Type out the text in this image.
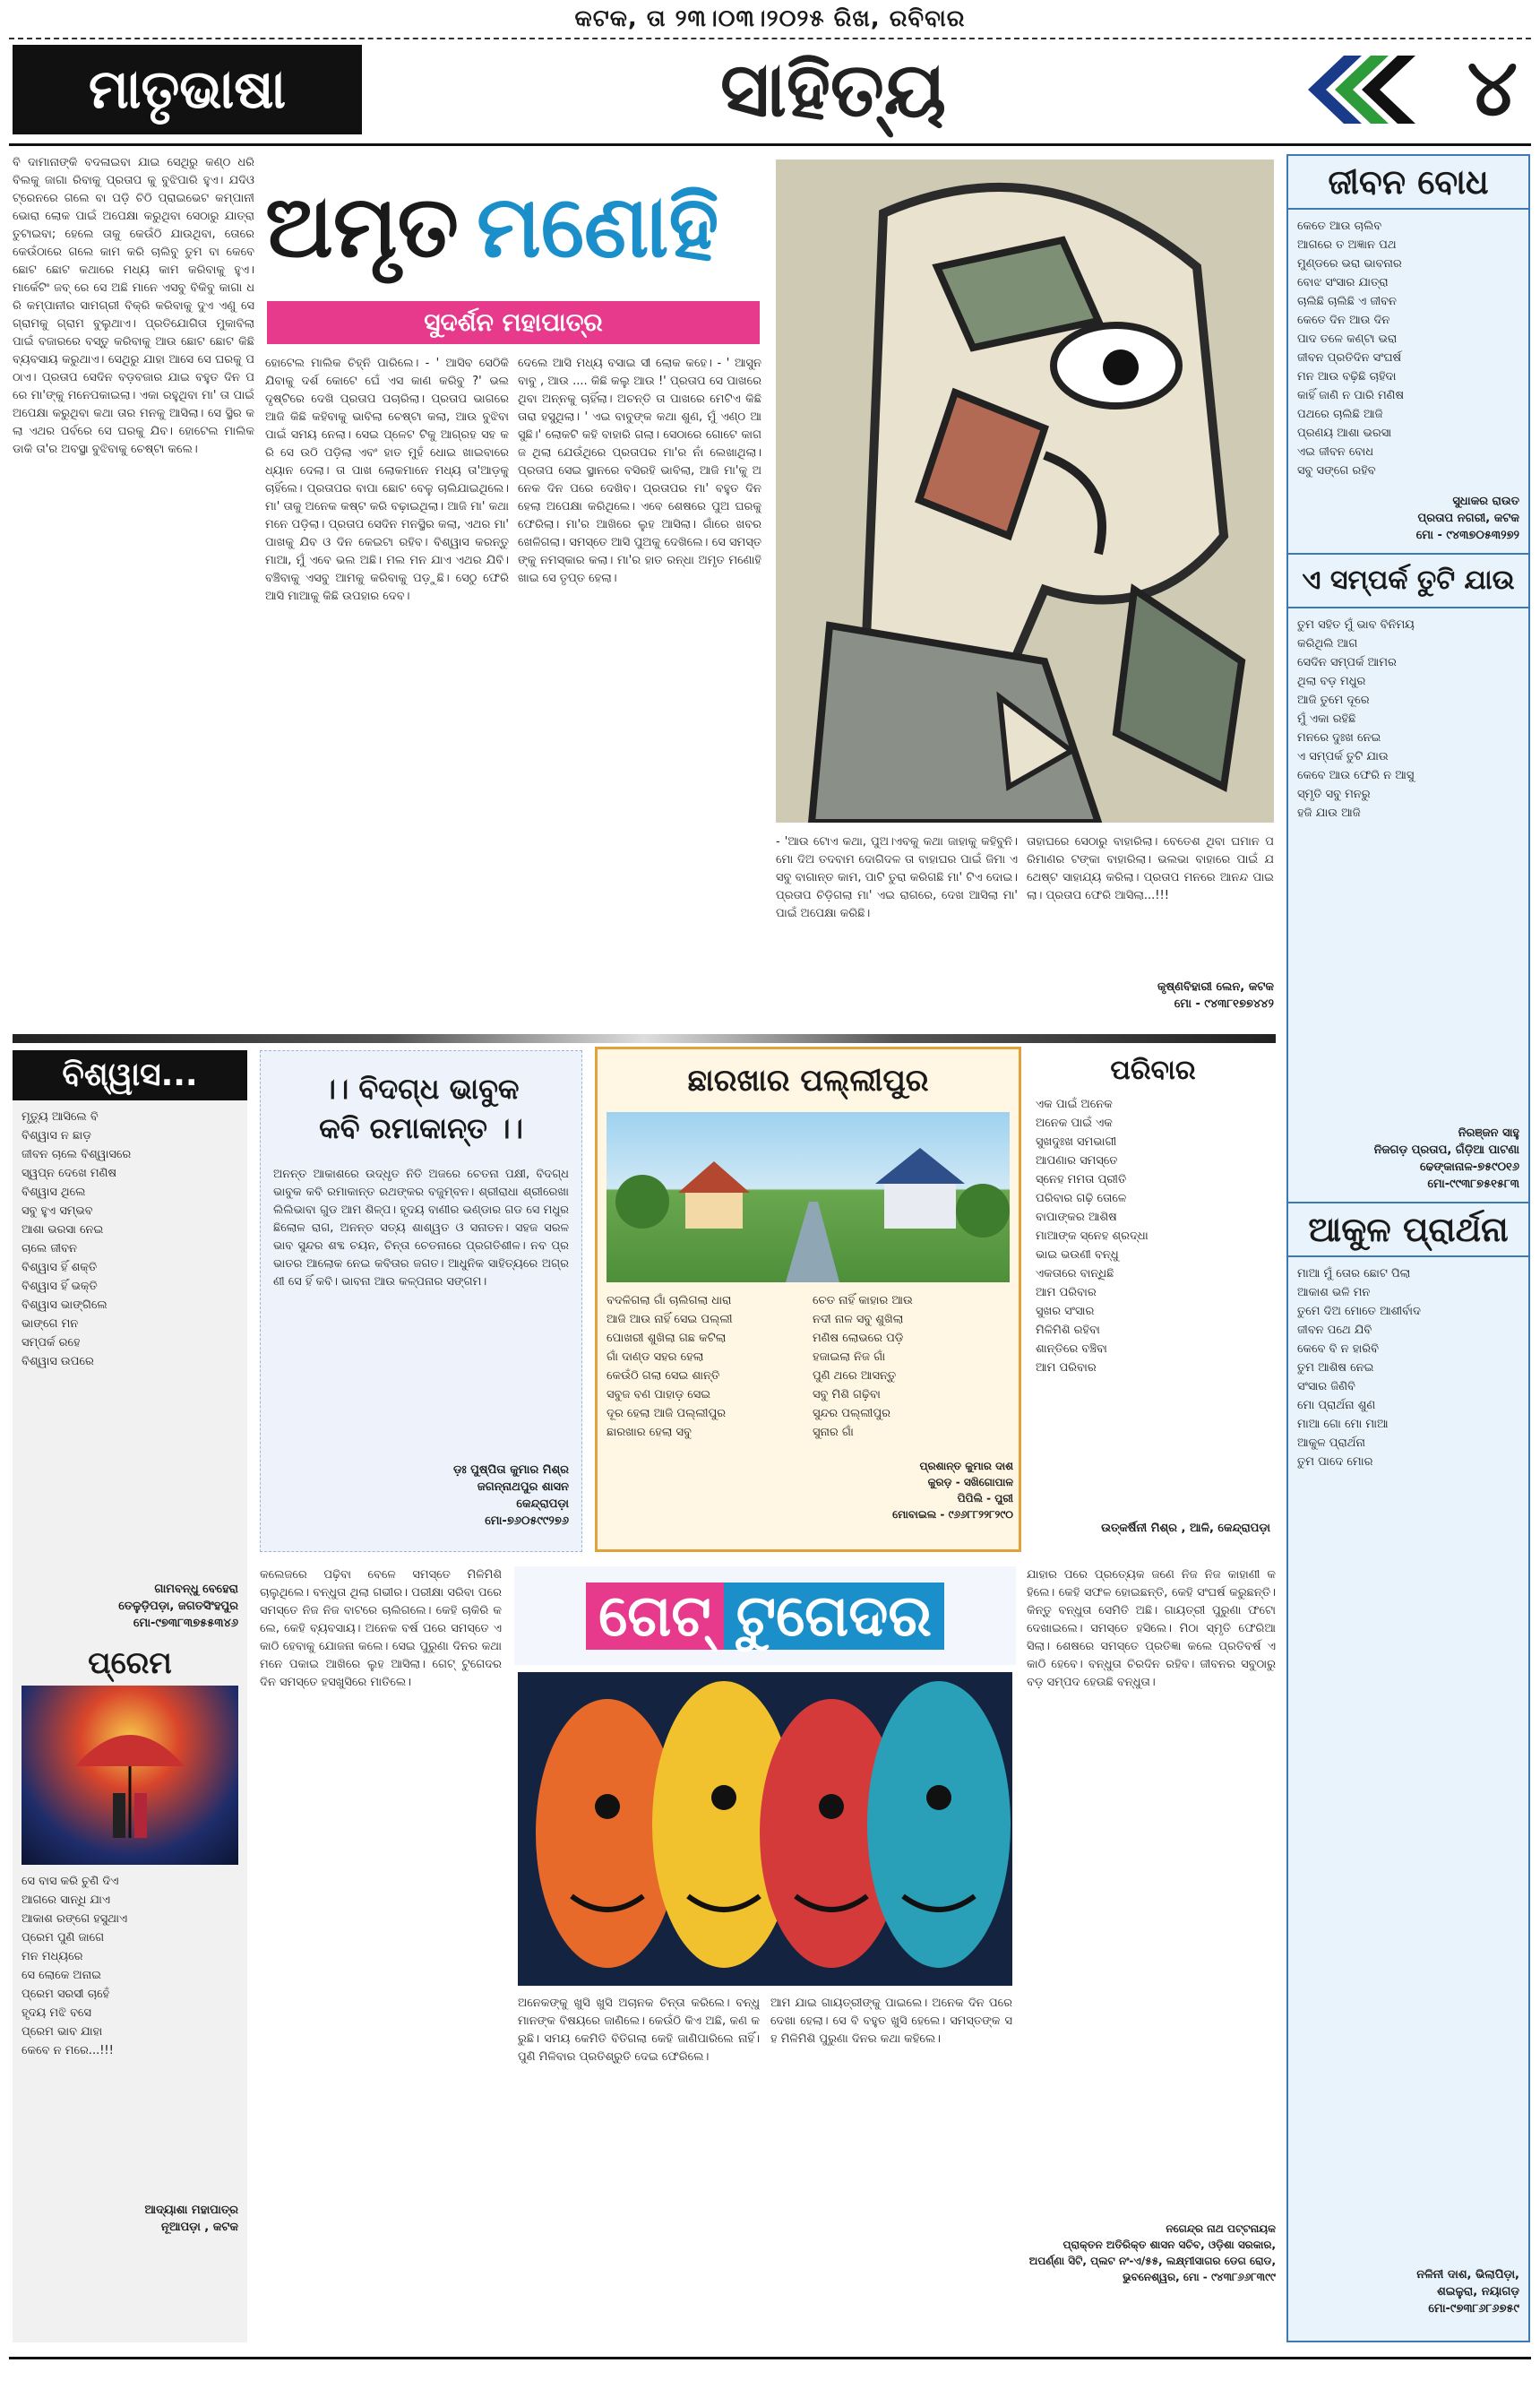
କଟକ, ତା ୨୩।୦୩।୨୦୨୫ ରିଖ, ରବିବାର
ମାତୃଭାଷା	ସାହିତ୍ୟ	୪
ବି ଦାମାନାଙ୍କି ବଦଳାଇବା ଯାଇ ସେଥିରୁ କଣ୍ଠ ଧରି ବିଲକୁ ଜାଗା ରିବାକୁ ପ୍ରତାପ କୁ ବୁଝିପାରି ହୁଏ। ଯଦିଓ ଟ୍ରେନରେ ଗଲେ ବା ପଡ଼ି ଚିଠି ପ୍ରାଇଭେଟ କମ୍ପାନୀ ଭୋରା ଲୋକ ପାଇଁ ଅପେକ୍ଷା କରୁଥିବା ସେଠାରୁ ଯାତ୍ରା ତୁଟାଇବା; ହେଲେ ତାକୁ କେଉଁଠି ଯାଉଥିବା, ତୋରେ କେଉଁଠାରେ ଗଲେ କାମ କରି ଚାଲିବୁ ତୁମ ବା କେବେ ଛୋଟ ଛୋଟ କଥାରେ ମଧ୍ୟ କାମ କରିବାକୁ ହୁଏ। ମାର୍କେଟିଂ ଜବ୍ ରେ ସେ ଅଛି ମାନେ ଏସବୁ ବିକିବୁ କାଗା ଧରି କମ୍ପାନୀର ସାମଗ୍ରୀ ବିକ୍ରି କରିବାକୁ ଦୁଏ ଏଣୁ ସେ ଗ୍ରାମକୁ ଗ୍ରାମ ବୁଲୁଥାଏ। ପ୍ରତିଯୋଗିତା ମୁକାବିଲା ପାଇଁ ବଜାରରେ ବସ୍ତୁ କରିବାକୁ ଆଉ ଛୋଟ ଛୋଟ କିଛି ବ୍ୟବସାୟ କରୁଥାଏ। ସେଥିରୁ ଯାହା ଆସେ ସେ ଘରକୁ ପଠାଏ। ପ୍ରତାପ ସେଦିନ ବଡ଼ବଜାର ଯାଇ ବହୁତ ଦିନ ପରେ ମା'ଙ୍କୁ ମନେପକାଇଲା। ଏକା ରହୁଥିବା ମା' ତା ପାଇଁ ଅପେକ୍ଷା କରୁଥିବା କଥା ତାର ମନକୁ ଆସିଲା। ସେ ସ୍ଥିର କଲା ଏଥର ପର୍ବରେ ସେ ଘରକୁ ଯିବ। ହୋଟେଲ ମାଲିକ ଡାକି ତା'ର ଅବସ୍ଥା ବୁଝିବାକୁ ଚେଷ୍ଟା କଲେ।
ଅମୃତ ମଣୋହି
ସୁଦର୍ଶନ ମହାପାତ୍ର
ହୋଟେଲ ମାଲିକ ଚିହ୍ନି ପାରିଲେ। - ' ଆସିବ ସେଠିକି ଯିବାକୁ ଦର୍ଶ କୋଟେ ଘେଁ ଏସ କାଣ କରିବୁ ?' ଭଲ ଦୃଷ୍ଟିରେ ଦେଖି ପ୍ରତାପ ପଚାରିଲା। ପ୍ରତାପ ଭାଗରେ ଆଜି କିଛି କହିବାକୁ ଭାବିଲା ଚେଷ୍ଟା କଲା, ଆଉ ବୁଝିବା ପାଇଁ ସମୟ ନେଲା। ସେଇ ପ୍ଳେଟ ଟିକୁ ଆଗ୍ରହ ସହ କରି ସେ ଉଠି ପଡ଼ିଲା ଏବଂ ହାତ ମୁହଁ ଧୋଇ ଖାଇବାରେ ଧ୍ୟାନ ଦେଲା। ତା ପାଖ ଲୋକମାନେ ମଧ୍ୟ ତା'ଆଡ଼କୁ ଚାହିଁଲେ। ପ୍ରତାପର ବାପା ଛୋଟ ବେଳୁ ଚାଲିଯାଇଥିଲେ। ମା' ତାକୁ ଅନେକ କଷ୍ଟ କରି ବଢ଼ାଇଥିଲା। ଆଜି ମା' କଥା ମନେ ପଡ଼ିଲା। ପ୍ରତାପ ସେଦିନ ମନସ୍ଥିର କଲା, ଏଥର ମା' ପାଖକୁ ଯିବ ଓ ଦିନ କେଇଟା ରହିବ। ବିଶ୍ୱାସ କରନ୍ତୁ ମାଆ, ମୁଁ ଏବେ ଭଲ ଅଛି। ମଲ ମନ ଯାଏ ଏଥର ଯିବି। ବଞ୍ଚିବାକୁ ଏସବୁ ଆମକୁ କରିବାକୁ ପଡ଼ୁଛି। ସେଠୁ ଫେରି ଆସି ମାଆକୁ କିଛି ଉପହାର ଦେବ।
ଦେଲେ ଆସି ମଧ୍ୟ ବସାଇ ସୀ ଲୋକ କହେ। - ' ଆସୁନ ବାବୁ , ଆଉ .... କିଛି କଲୁ ଆଉ !' ପ୍ରତାପ ସେ ପାଖରେ ଥିବା ଅନ୍ନକୁ ଚାହିଁଲା। ଅଚନ୍ତି ତା ପାଖରେ ମେଟିଏ କିଛି ତାରା ହସୁଥିଲା। ' ଏଇ ବାବୁଙ୍କ କଥା ଶୁଣ, ମୁଁ ଏଣ୍ଠ ଆସୁଛି।' ଲୋକଟି କହି ବାହାରି ଗଲା। ସେଠାରେ ଗୋଟେ କାଗଜ ଥିଲା ଯେଉଁଥିରେ ପ୍ରତାପର ମା'ର ନାଁ ଲେଖାଥିଲା। ପ୍ରତାପ ସେଇ ସ୍ଥାନରେ ବସିରହି ଭାବିଲା, ଆଜି ମା'କୁ ଅନେକ ଦିନ ପରେ ଦେଖିବ। ପ୍ରତାପର ମା' ବହୁତ ଦିନ ହେଲା ଅପେକ୍ଷା କରିଥିଲେ। ଏବେ ଶେଷରେ ପୁଅ ଘରକୁ ଫେରିଲା। ମା'ର ଆଖିରେ ଲୁହ ଆସିଲା। ଗାଁରେ ଖବର ଖେଳିଗଲା। ସମସ୍ତେ ଆସି ପୁଅକୁ ଦେଖିଲେ। ସେ ସମସ୍ତଙ୍କୁ ନମସ୍କାର କଲା। ମା'ର ହାତ ରନ୍ଧା ଅମୃତ ମଣୋହି ଖାଇ ସେ ତୃପ୍ତ ହେଲା।
- 'ଆଉ ଟୋଏ କଥା, ପୁଅ।ଏବକୁ କଥା ଜାହାକୁ କହିବୁନି। ମୋ ଦିଅ ତଦବାମ ଦୋଗିଦଳ ତା ବାହାଘର ପାଇଁ ଜିମା ଏ ସବୁ ବାଗାନ୍ତ କାମ, ପାଟି ତୁରା କରିଗଛି ମା' ଟିଏ ଦୋଇ। ପ୍ରତାପ ଚିଡ଼ିଗଲା ମା' ଏଇ ରାଗରେ, ଦେଖ ଆସିଲା ମା' ପାଇଁ ଅପେକ୍ଷା କରିଛି।
ତାହାଘରେ ସେଠାରୁ ବାହାରିଲା। ବେତେଶ ଥିବା ଘମାନ ପରିମାଣର ଟଙ୍କା ବାହାରିଲା। ଭଲଭା ବାହାରେ ପାଇଁ ଯଥେଷ୍ଟ ସାହାଯ୍ୟ କରିଲା। ପ୍ରତାପ ମନରେ ଆନନ୍ଦ ପାଇଲା। ପ୍ରତାପ ଫେରି ଆସିଲା...!!!
କୃଷ୍ଣବିହାରୀ ଲେନ, କଟକ
ମୋ - ୯୪୩୮୧୭୭୪୪୨
ଜୀବନ ବୋଧ
କେତେ ଆଉ ଚାଲିବ
ଆଗରେ ତ ଅଜ୍ଞାନ ପଥ
ମୁଣ୍ଡରେ ଭରା ଭାବନାର
ବୋଝ ସଂସାର ଯାତ୍ରା
ଚାଲିଛି ଚାଲିଛି ଏ ଜୀବନ
କେତେ ଦିନ ଆଉ ଦିନ
ପାଦ ତଳେ କଣ୍ଟା ଭରା
ଜୀବନ ପ୍ରତିଦିନ ସଂଘର୍ଷ
ମନ ଆଉ ବଢ଼ିଛି ଚାହିଦା
କାହିଁ ଜାଣି ନ ପାରି ମଣିଷ
ପଥରେ ଚାଲିଛି ଆଜି
ପ୍ରଣୟ ଆଶା ଭରସା
ଏଇ ଜୀବନ ବୋଧ
ସବୁ ସଙ୍ଗେ ରହିବ
ସୁଧାକର ରାଉତ
ପ୍ରତାପ ନଗରୀ, କଟକ
ମୋ - ୯୪୩୭୦୫୩୨୭୨
ଏ ସମ୍ପର୍କ ତୁଟି ଯାଉ
ତୁମ ସହିତ ମୁଁ ଭାବ ବିନିମୟ
କରିଥିଲି ଆଗ
ସେଦିନ ସମ୍ପର୍କ ଆମର
ଥିଲା ବଡ଼ ମଧୁର
ଆଜି ତୁମେ ଦୂରେ
ମୁଁ ଏକା ରହିଛି
ମନରେ ଦୁଃଖ ନେଇ
ଏ ସମ୍ପର୍କ ତୁଟି ଯାଉ
କେବେ ଆଉ ଫେରି ନ ଆସୁ
ସ୍ମୃତି ସବୁ ମନରୁ
ହଜି ଯାଉ ଆଜି
ନିରଞ୍ଜନ ସାହୁ
ନିଜଗଡ଼ ପ୍ରତାପ, ଗଁଡ଼ିଆ ପାଟଣା
ଢେଙ୍କାନାଳ-୭୫୯୦୧୬
ମୋ-୯୯୩୮୭୫୧୫୮୩
ଆକୁଳ ପ୍ରାର୍ଥନା
ମାଆ ମୁଁ ତୋର ଛୋଟ ପିଲା
ଆକାଶ ଭଳି ମନ
ତୁମେ ଦିଅ ମୋତେ ଆଶୀର୍ବାଦ
ଜୀବନ ପଥେ ଯିବି
କେବେ ବି ନ ହାରିବି
ତୁମ ଆଶିଷ ନେଇ
ସଂସାର ଜିଣିବି
ମୋ ପ୍ରାର୍ଥନା ଶୁଣ
ମାଆ ଗୋ ମୋ ମାଆ
ଆକୁଳ ପ୍ରାର୍ଥନା
ତୁମ ପାଦେ ମୋର
ନଳିନୀ ଦାଶ, ଭିଲାପିଡ଼ା,
ଶଇଳୁରା, ନୟାଗଡ଼
ମୋ-୯୭୩୮୬୮୬୭୫୯
ବିଶ୍ୱାସ...
ମୃତ୍ୟୁ ଆସିଲେ ବି
ବିଶ୍ୱାସ ନ ଛାଡ଼
ଜୀବନ ଚାଲେ ବିଶ୍ୱାସରେ
ସ୍ୱପ୍ନ ଦେଖେ ମଣିଷ
ବିଶ୍ୱାସ ଥିଲେ
ସବୁ ହୁଏ ସମ୍ଭବ
ଆଶା ଭରସା ନେଇ
ଚାଲେ ଜୀବନ
ବିଶ୍ୱାସ ହିଁ ଶକ୍ତି
ବିଶ୍ୱାସ ହିଁ ଭକ୍ତି
ବିଶ୍ୱାସ ଭାଙ୍ଗିଲେ
ଭାଙ୍ଗେ ମନ
ସମ୍ପର୍କ ରହେ
ବିଶ୍ୱାସ ଉପରେ
ଗାମବନ୍ଧୁ ବେହେରା
ତେଳୁଡ଼ିପଡ଼ା, ଜଗତସିଂହପୁର
ମୋ-୯୭୩୮୩୭୫୫୩୪୬
ପ୍ରେମ
ସେ ବାସ କରି ଚୁଣି ଦିଏ
ଆଗରେ ସାନ୍ଧି ଯାଏ
ଆକାଶ ରଙ୍ଗେ ହସୁଥାଏ
ପ୍ରେମ ପୁଣି ଜାଗେ
ମନ ମଧ୍ୟରେ
ସେ ଲୋକେ ଅନାଇ
ପ୍ରେମ ସରସୀ ଚାହେଁ
ହୃଦୟ ମଝି ବସେ
ପ୍ରେମ ଭାବ ଯାହା
କେବେ ନ ମରେ...!!!
ଆଦ୍ୟାଶା ମହାପାତ୍ର
ନୂଆପଡ଼ା , କଟକ
।। ବିଦଗ୍ଧ ଭାବୁକ
କବି ରମାକାନ୍ତ ।।
ଅନନ୍ତ ଆକାଶରେ ଉଦ୍ଧୃତ ନିତି ଅଜରେ ଚେତନା ପକ୍ଷୀ, ବିଦଗ୍ଧ ଭାବୁକ କବି ରମାକାନ୍ତ ରଥଙ୍କର ବଜୁମ୍ବନ। ଶ୍ରୀରାଧା ଶ୍ରୀରେଖା ଲିଲିଭାବା ଗୁଡ ଆମ ଶିଳ୍ପ। ହୃଦୟ ବାଣୀର ଭଣ୍ଡାର ଗଡ ସେ ମଧୁର ଛିଲୋଳ ରାଗ, ଅନନ୍ତ ସତ୍ୟ ଶାଶ୍ୱତ ଓ ସନାତନ। ସହଜ ସରଳ ଭାବ ସୁନ୍ଦର ଶବ୍ଦ ଚୟନ, ଚିନ୍ତା ଚେତନାରେ ପ୍ରଗତିଶୀଳ। ନବ ପ୍ରଭାତର ଆଲୋକ ନେଇ କବିତାର ଜଗତ। ଆଧୁନିକ ସାହିତ୍ୟରେ ଅଗ୍ରଣୀ ସେ ହିଁ କବି। ଭାବନା ଆଉ କଳ୍ପନାର ସଙ୍ଗମ।
ଡ଼ଃ ପୁଷ୍ପିତା କୁମାର ମିଶ୍ର
ଜଗନ୍ନାଥପୁର ଶାସନ
କେନ୍ଦ୍ରାପଡ଼ା
ମୋ-୭୬୦୫୯୯୨୭୬
ଛାରଖାର ପଲ୍ଲୀପୁର
ବଦଳିଗଲା ଗାଁ ଚାଲିଗଲା ଧାରା
ଆଜି ଆଉ ନାହିଁ ସେଇ ପଲ୍ଲୀ
ପୋଖରୀ ଶୁଖିଲା ଗଛ କଟିଲା
ଗାଁ ଦାଣ୍ଡ ସହର ହେଲା
କେଉଁଠି ଗଲା ସେଇ ଶାନ୍ତି
ସବୁଜ ବଣ ପାହାଡ଼ ସେଇ
ଦୂର ହେଲା ଆଜି ପଲ୍ଲୀପୁର
ଛାରଖାର ହେଲା ସବୁ
ଚେତ ନାହିଁ କାହାର ଆଉ
ନଦୀ ନାଳ ସବୁ ଶୁଖିଲା
ମଣିଷ ଲୋଭରେ ପଡ଼ି
ହଜାଇଲା ନିଜ ଗାଁ
ପୁଣି ଥରେ ଆସନ୍ତୁ
ସବୁ ମିଶି ଗଢ଼ିବା
ସୁନ୍ଦର ପଲ୍ଲୀପୁର
ସୁନାର ଗାଁ
ପ୍ରଶାନ୍ତ କୁମାର ଦାଶ
କୁରଡ଼ - ସଖିଗୋପାଳ
ପିପିଲି - ପୁରୀ
ମୋବାଇଲ - ୯୬୬୮୮୨୨୮୨୯୦
ପରିବାର
ଏକ ପାଇଁ ଅନେକ
ଅନେକ ପାଇଁ ଏକ
ସୁଖଦୁଃଖ ସମଭାଗୀ
ଆପଣାର ସମସ୍ତେ
ସ୍ନେହ ମମତା ପ୍ରୀତି
ପରିବାର ଗଢ଼ି ତୋଳେ
ବାପାଙ୍କର ଆଶିଷ
ମାଆଙ୍କ ସ୍ନେହ ଶ୍ରଦ୍ଧା
ଭାଇ ଭଉଣୀ ବନ୍ଧୁ
ଏକତାରେ ବାନ୍ଧିଛି
ଆମ ପରିବାର
ସୁଖର ସଂସାର
ମିଳିମିଶି ରହିବା
ଶାନ୍ତିରେ ବଞ୍ଚିବା
ଆମ ପରିବାର
ଉତ୍କର୍ଷିନୀ ମିଶ୍ର , ଆଳି, କେନ୍ଦ୍ରାପଡ଼ା
କଲେଜରେ ପଢ଼ିବା ବେଳେ ସମସ୍ତେ ମିଳିମିଶି ଚାଲୁଥିଲେ। ବନ୍ଧୁତା ଥିଲା ଗଭୀର। ପରୀକ୍ଷା ସରିବା ପରେ ସମସ୍ତେ ନିଜ ନିଜ ବାଟରେ ଚାଲିଗଲେ। କେହି ଚାକିରି କଲେ, କେହି ବ୍ୟବସାୟ। ଅନେକ ବର୍ଷ ପରେ ସମସ୍ତେ ଏକାଠି ହେବାକୁ ଯୋଜନା କଲେ। ସେଇ ପୁରୁଣା ଦିନର କଥା ମନେ ପକାଇ ଆଖିରେ ଲୁହ ଆସିଲା। ଗେଟ୍ ଟୁଗେଦର ଦିନ ସମସ୍ତେ ହସଖୁସିରେ ମାତିଲେ।
ଗେଟ୍ ଟୁଗେଦର
ଅନେକଙ୍କୁ ଖୁସି ଖୁସି ଅଚାନକ ଚିନ୍ତା କରିଲେ। ବନ୍ଧୁ ମାନଙ୍କ ବିଷୟରେ ଜାଣିଲେ। କେଉଁଠି କିଏ ଅଛି, କଣ କରୁଛି। ସମୟ କେମିତି ବିତିଗଲା କେହି ଜାଣିପାରିଲେ ନାହିଁ। ପୁଣି ମିଳିବାର ପ୍ରତିଶ୍ରୁତି ଦେଇ ଫେରିଲେ।
ଆମ ଯାଇ ଗାୟତ୍ରୀଙ୍କୁ ପାଇଲେ। ଅନେକ ଦିନ ପରେ ଦେଖା ହେଲା। ସେ ବି ବହୁତ ଖୁସି ହେଲେ। ସମସ୍ତଙ୍କ ସହ ମିଳିମିଶି ପୁରୁଣା ଦିନର କଥା କହିଲେ।
ଯାହାର ପରେ ପ୍ରତ୍ୟେକ ଜଣେ ନିଜ ନିଜ କାହାଣୀ କହିଲେ। କେହି ସଫଳ ହୋଇଛନ୍ତି, କେହି ସଂଘର୍ଷ କରୁଛନ୍ତି। କିନ୍ତୁ ବନ୍ଧୁତା ସେମିତି ଅଛି। ଗାୟତ୍ରୀ ପୁରୁଣା ଫଟୋ ଦେଖାଇଲେ। ସମସ୍ତେ ହସିଲେ। ମିଠା ସ୍ମୃତି ଫେରିଆସିଲା। ଶେଷରେ ସମସ୍ତେ ପ୍ରତିଜ୍ଞା କଲେ ପ୍ରତିବର୍ଷ ଏକାଠି ହେବେ। ବନ୍ଧୁତା ଚିରଦିନ ରହିବ। ଜୀବନର ସବୁଠାରୁ ବଡ଼ ସମ୍ପଦ ହେଉଛି ବନ୍ଧୁତା।
ନଗେନ୍ଦ୍ର ନାଥ ପଟ୍ଟନାୟକ
ପ୍ରାକ୍ତନ ଅତିରିକ୍ତ ଶାସନ ସଚିବ, ଓଡ଼ିଶା ସରକାର,
ଅପର୍ଣ୍ଣା ସିଟି, ପ୍ଲଟ ନଂ-ଏ/୫୫, ଲକ୍ଷ୍ମୀସାଗର ଡେଗ ରୋଡ,
ଭୁବନେଶ୍ୱର, ମୋ - ୯୪୩୮୬୬୮୩୯୯
